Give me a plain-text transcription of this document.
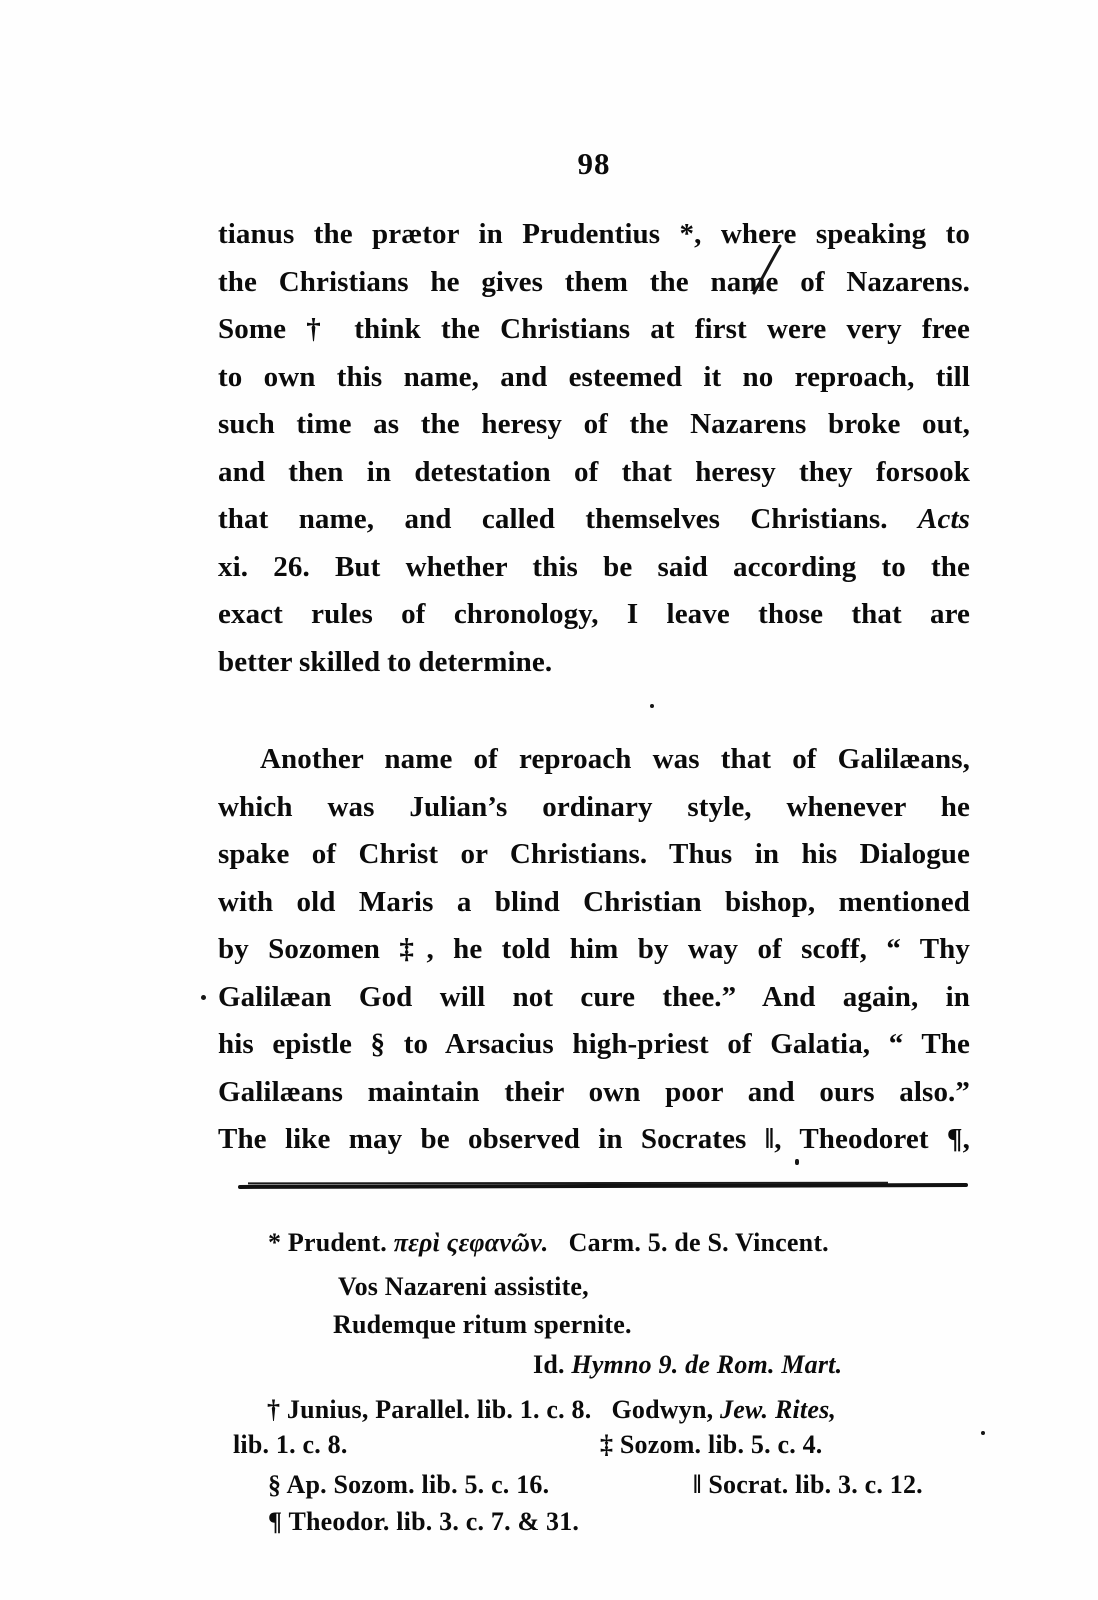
98
tianus the prætor in Prudentius *, where speaking to
the Christians he gives them the name of Nazarens.
Some † think the Christians at first were very free
to own this name, and esteemed it no reproach, till
such time as the heresy of the Nazarens broke out,
and then in detestation of that heresy they forsook
that name, and called themselves Christians. Acts
xi. 26. But whether this be said according to the
exact rules of chronology, I leave those that are
better skilled to determine.
Another name of reproach was that of Galilæans,
which was Julian’s ordinary style, whenever he
spake of Christ or Christians. Thus in his Dialogue
with old Maris a blind Christian bishop, mentioned
by Sozomen ‡, he told him by way of scoff, “ Thy
Galilæan God will not cure thee.” And again, in
his epistle § to Arsacius high-priest of Galatia, “ The
Galilæans maintain their own poor and ours also.”
The like may be observed in Socrates ‖, Theodoret ¶,
* Prudent. περὶ ςεφανῶν.   Carm. 5. de S. Vincent.
Vos Nazareni assistite,
Rudemque ritum spernite.
Id. Hymno 9. de Rom. Mart.
† Junius, Parallel. lib. 1. c. 8.   Godwyn, Jew. Rites,
lib. 1. c. 8.	‡ Sozom. lib. 5. c. 4.
§ Ap. Sozom. lib. 5. c. 16.	‖ Socrat. lib. 3. c. 12.
¶ Theodor. lib. 3. c. 7. & 31.
